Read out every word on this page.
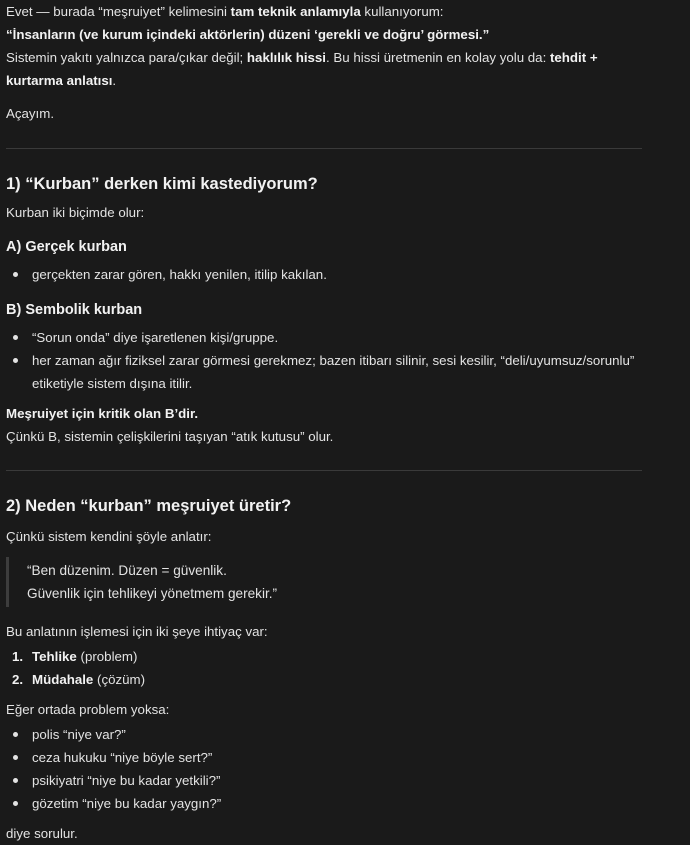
Evet — burada “meşruiyet” kelimesini tam teknik anlamıyla kullanıyorum:

“İnsanların (ve kurum içindeki aktörlerin) düzeni ‘gerekli ve doğru’ görmesi.”

Sistemin yakıtı yalnızca para/çıkar değil; haklılık hissi. Bu hissi üretmenin en kolay yolu da: tehdit + kurtarma anlatısı.

Açayım.

1) “Kurban” derken kimi kastediyorum?

Kurban iki biçimde olur:

A) Gerçek kurban
gerçekten zarar gören, hakkı yenilen, itilip kakılan.
B) Sembolik kurban
“Sorun onda” diye işaretlenen kişi/gruppe.
her zaman ağır fiziksel zarar görmesi gerekmez; bazen itibarı silinir, sesi kesilir, “deli/uyumsuz/sorunlu” etiketiyle sistem dışına itilir.

Meşruiyet için kritik olan B’dir.

Çünkü B, sistemin çelişkilerini taşıyan “atık kutusu” olur.

2) Neden “kurban” meşruiyet üretir?

Çünkü sistem kendini şöyle anlatır:

“Ben düzenim. Düzen = güvenlik.
Güvenlik için tehlikeyi yönetmem gerekir.”

Bu anlatının işlemesi için iki şeye ihtiyaç var:

1. Tehlike (problem)
2. Müdahale (çözüm)

Eğer ortada problem yoksa:

polis “niye var?”
ceza hukuku “niye böyle sert?”
psikiyatri “niye bu kadar yetkili?”
gözetim “niye bu kadar yaygın?”

diye sorulur.
